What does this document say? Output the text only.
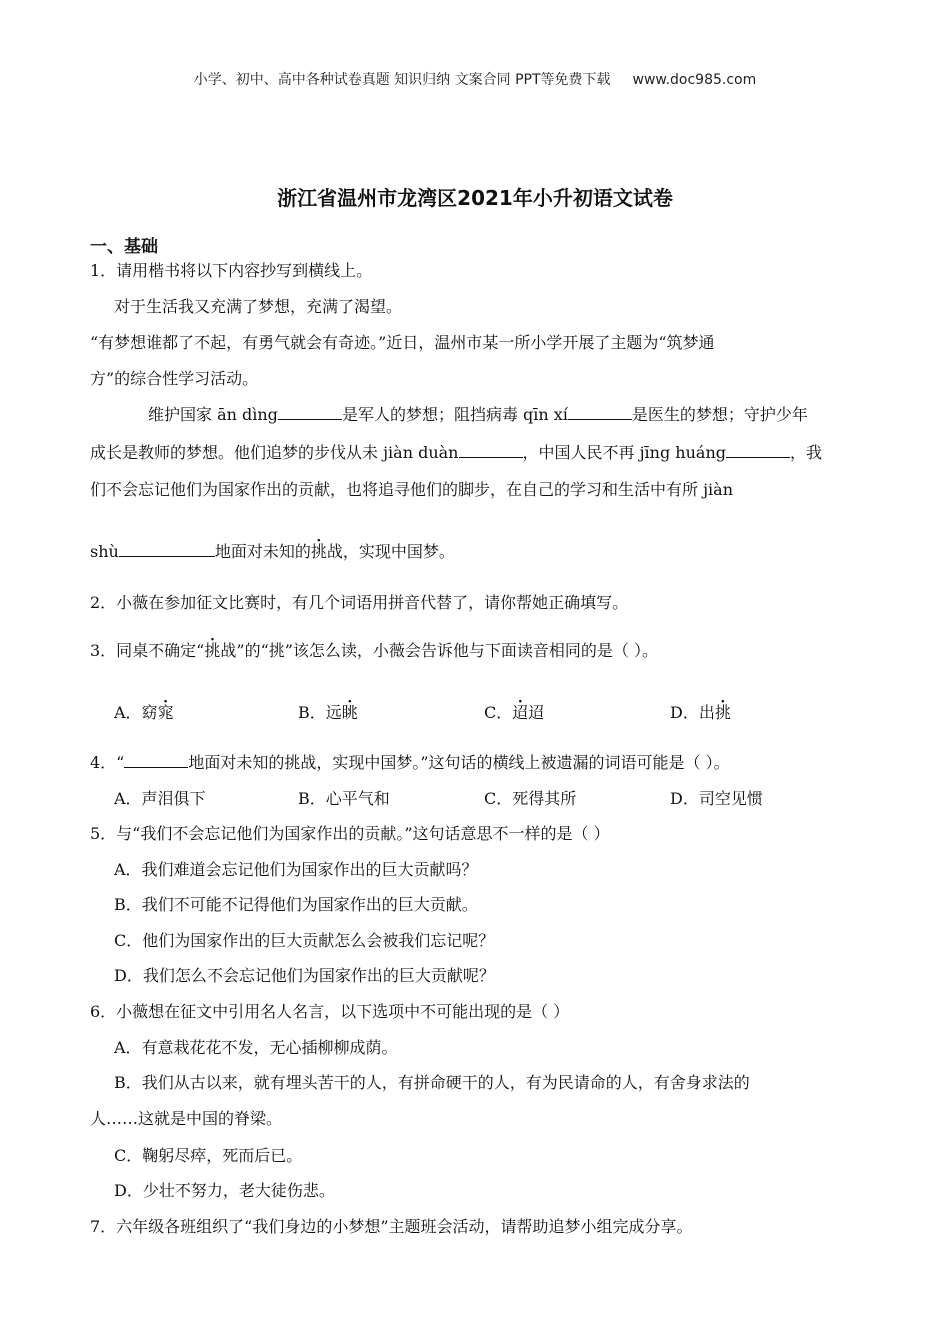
小学、初中、高中各种试卷真题 知识归纳 文案合同 PPT等免费下载 www.doc985.com
浙江省温州市龙湾区2021年小升初语文试卷
一、基础
1．请用楷书将以下内容抄写到横线上。
对于生活我又充满了梦想，充满了渴望。
“有梦想谁都了不起，有勇气就会有奇迹。”近日，温州市某一所小学开展了主题为“筑梦通
方”的综合性学习活动。
维护国家 ān dìng	是军人的梦想；阻挡病毒 qīn xí	是医生的梦想；守护少年
成长是教师的梦想。他们追梦的步伐从未 jiàn duàn	，中国人民不再 jīng huáng	，我
们不会忘记他们为国家作出的贡献，也将追寻他们的脚步，在自己的学习和生活中有所 jiàn
shù	地面对未知的挑战，实现中国梦。
2．小薇在参加征文比赛时，有几个词语用拼音代替了，请你帮她正确填写。
3．同桌不确定“挑战”的“挑”该怎么读，小薇会告诉他与下面读音相同的是（ ）。
A．窈窕	B．远眺	C．迢迢	D．出挑
4．“	地面对未知的挑战，实现中国梦。”这句话的横线上被遗漏的词语可能是（ ）。
A．声泪俱下	B．心平气和	C．死得其所	D．司空见惯
5．与“我们不会忘记他们为国家作出的贡献。”这句话意思不一样的是（ ）
A．我们难道会忘记他们为国家作出的巨大贡献吗？
B．我们不可能不记得他们为国家作出的巨大贡献。
C．他们为国家作出的巨大贡献怎么会被我们忘记呢？
D．我们怎么不会忘记他们为国家作出的巨大贡献呢？
6．小薇想在征文中引用名人名言，以下选项中不可能出现的是（ ）
A．有意栽花花不发，无心插柳柳成荫。
B．我们从古以来，就有埋头苦干的人，有拼命硬干的人，有为民请命的人，有舍身求法的
人……这就是中国的脊梁。
C．鞠躬尽瘁，死而后已。
D．少壮不努力，老大徒伤悲。
7．六年级各班组织了“我们身边的小梦想”主题班会活动，请帮助追梦小组完成分享。
